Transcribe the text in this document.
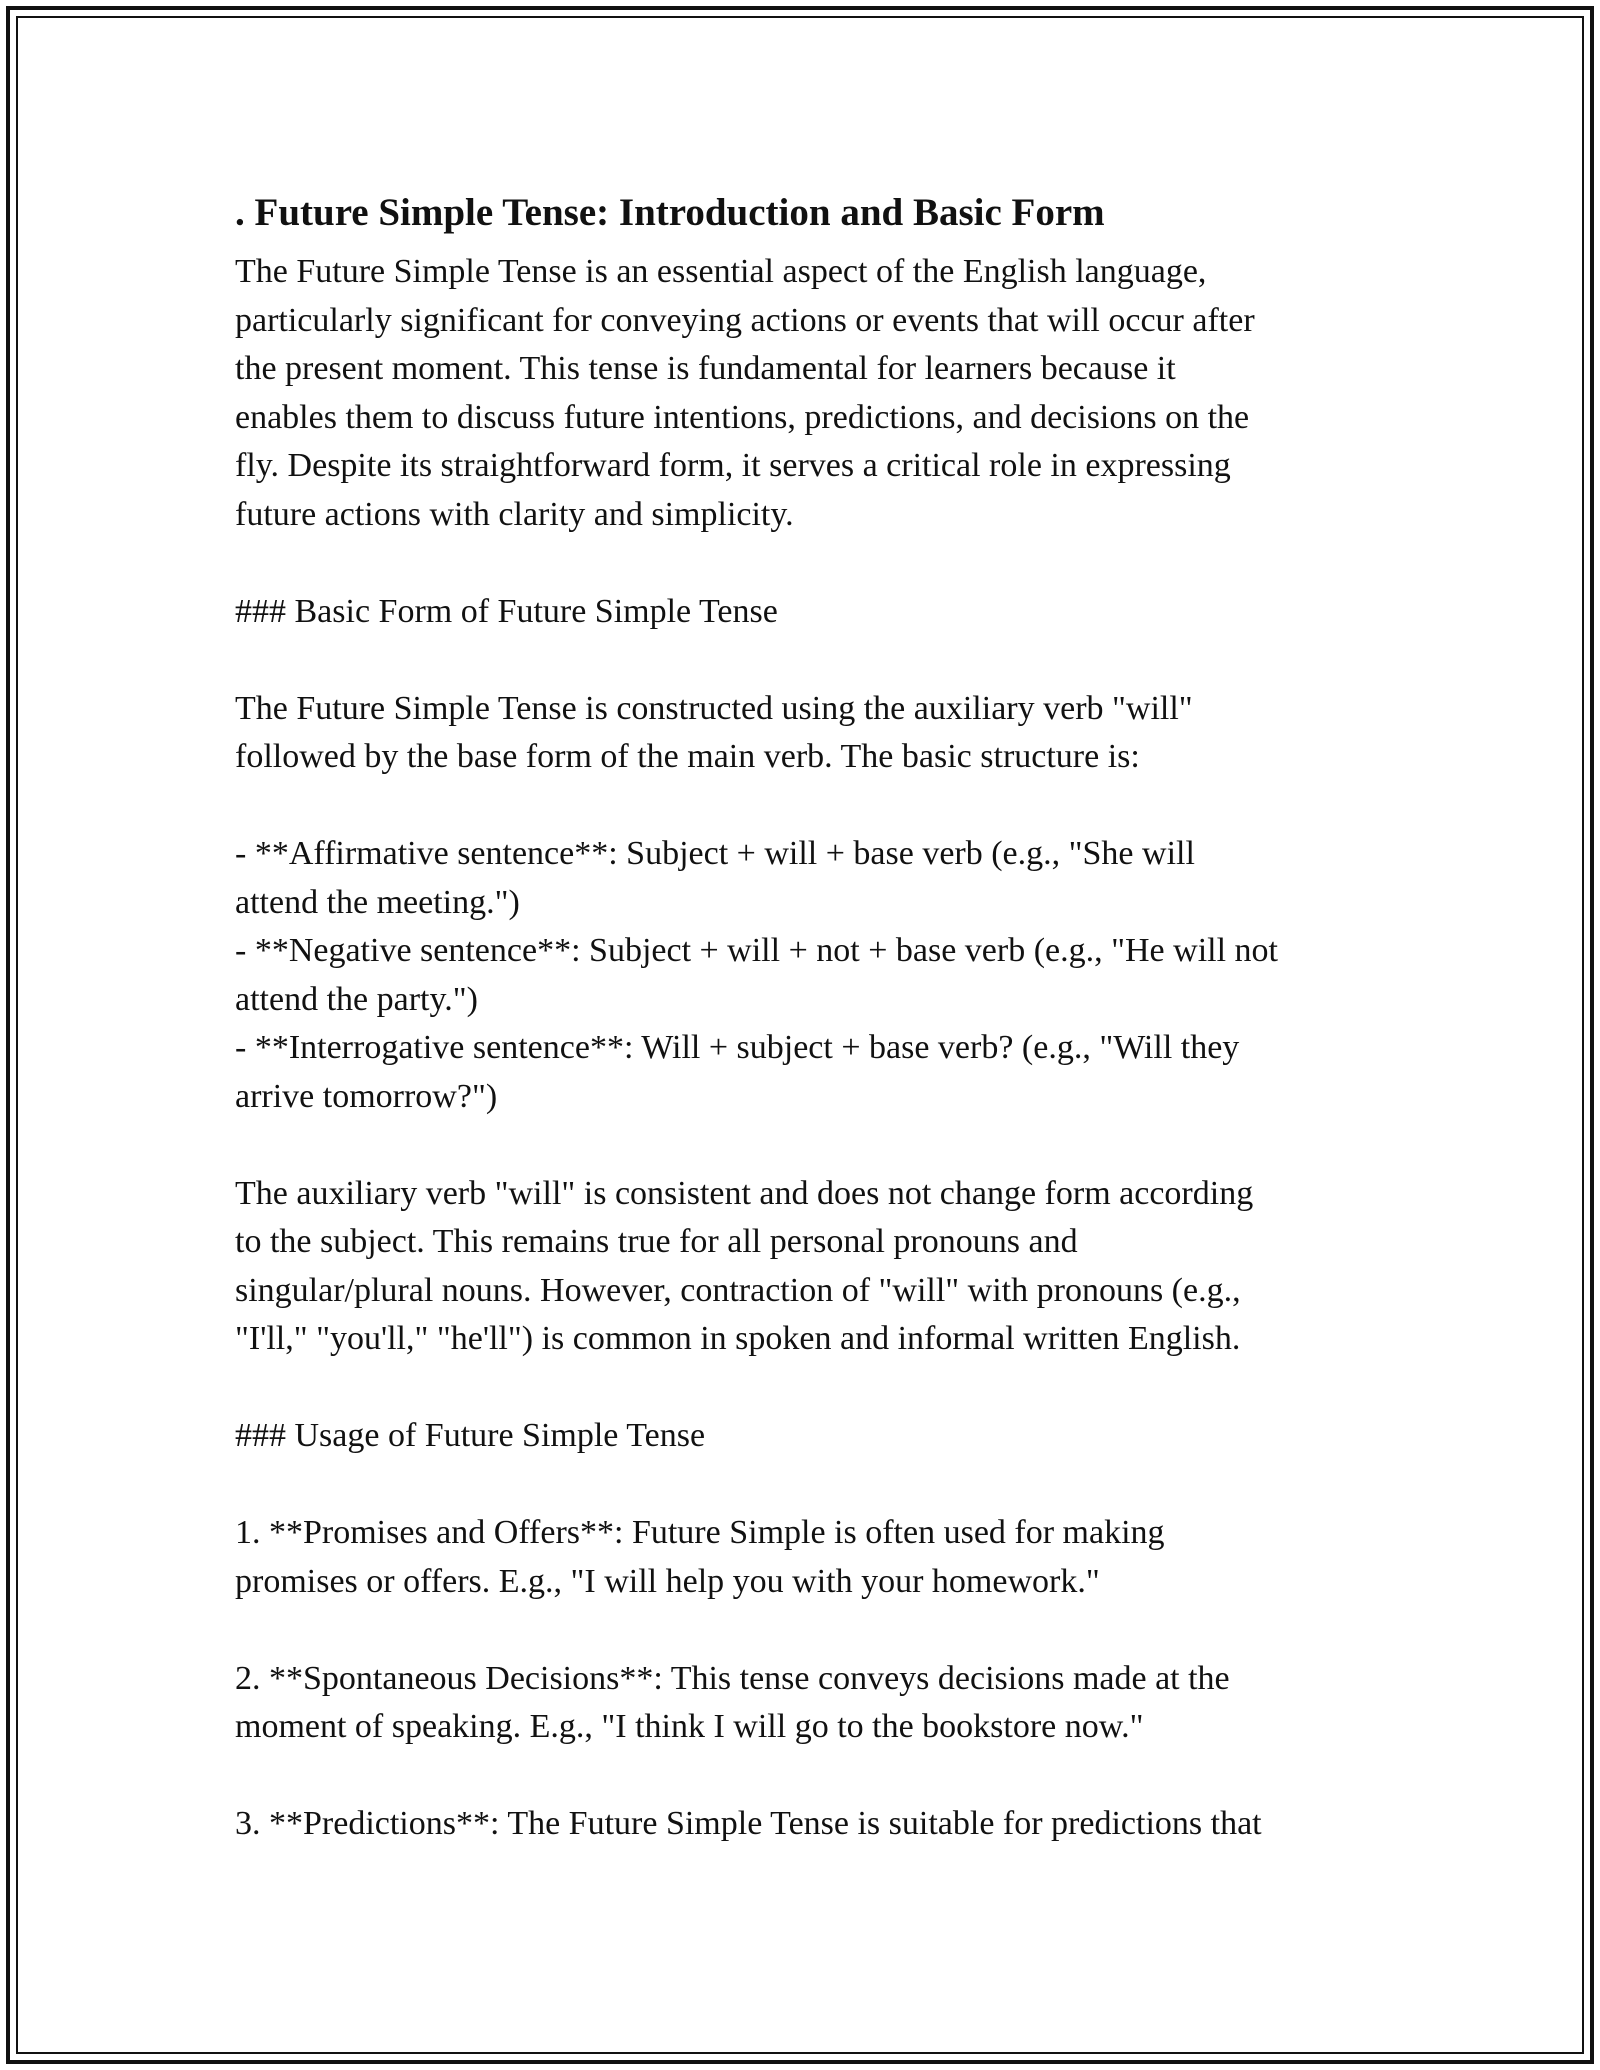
. Future Simple Tense: Introduction and Basic Form

The Future Simple Tense is an essential aspect of the English language,
particularly significant for conveying actions or events that will occur after
the present moment. This tense is fundamental for learners because it
enables them to discuss future intentions, predictions, and decisions on the
fly. Despite its straightforward form, it serves a critical role in expressing
future actions with clarity and simplicity.

### Basic Form of Future Simple Tense

The Future Simple Tense is constructed using the auxiliary verb "will"
followed by the base form of the main verb. The basic structure is:

- **Affirmative sentence**: Subject + will + base verb (e.g., "She will
attend the meeting.")
- **Negative sentence**: Subject + will + not + base verb (e.g., "He will not
attend the party.")
- **Interrogative sentence**: Will + subject + base verb? (e.g., "Will they
arrive tomorrow?")

The auxiliary verb "will" is consistent and does not change form according
to the subject. This remains true for all personal pronouns and
singular/plural nouns. However, contraction of "will" with pronouns (e.g.,
"I'll," "you'll," "he'll") is common in spoken and informal written English.

### Usage of Future Simple Tense

1. **Promises and Offers**: Future Simple is often used for making
promises or offers. E.g., "I will help you with your homework."

2. **Spontaneous Decisions**: This tense conveys decisions made at the
moment of speaking. E.g., "I think I will go to the bookstore now."

3. **Predictions**: The Future Simple Tense is suitable for predictions that
